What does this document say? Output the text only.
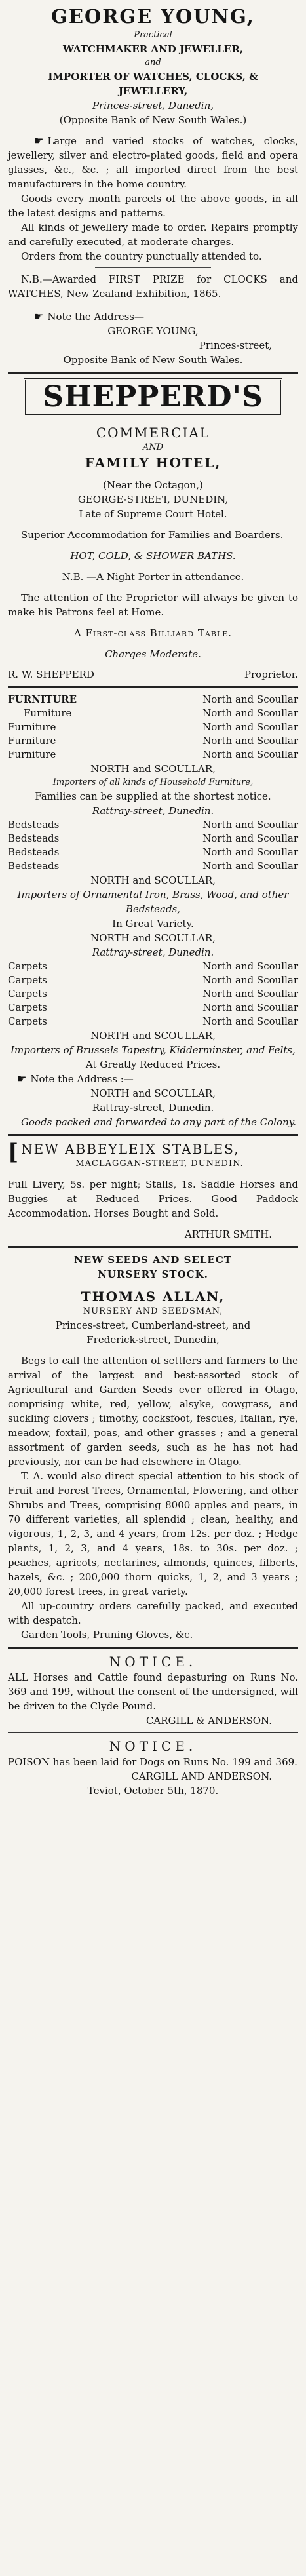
GEORGE YOUNG,

Practical

WATCHMAKER AND JEWELLER,

and

IMPORTER OF WATCHES, CLOCKS, &

JEWELLERY,

Princes-street, Dunedin,

(Opposite Bank of New South Wales.)

☛ Large and varied stocks of watches, clocks, jewellery, silver and electro-plated goods, field and opera glasses, &c., &c. ; all imported direct from the best manufacturers in the home country.

Goods every month parcels of the above goods, in all the latest designs and patterns.

All kinds of jewellery made to order. Repairs promptly and carefully executed, at moderate charges.

Orders from the country punctually attended to.

N.B.—Awarded FIRST PRIZE for CLOCKS and WATCHES, New Zealand Exhibition, 1865.

☛ Note the Address—

GEORGE YOUNG,

Princes-street,

Opposite Bank of New South Wales.

SHEPPERD'S

COMMERCIAL

AND

FAMILY HOTEL,

(Near the Octagon,)

GEORGE-STREET, DUNEDIN,

Late of Supreme Court Hotel.

Superior Accommodation for Families and Boarders.

HOT, COLD, & SHOWER BATHS.

N.B. —A Night Porter in attendance.

The attention of the Proprietor will always be given to make his Patrons feel at Home.

A First-class Billiard Table.

Charges Moderate.

R. W. SHEPPERD	Proprietor.
FURNITURE	North and Scoullar
Furniture	North and Scoullar
Furniture	North and Scoullar
Furniture	North and Scoullar
Furniture	North and Scoullar

NORTH and SCOULLAR,

Importers of all kinds of Household Furniture,

Families can be supplied at the shortest notice.

Rattray-street, Dunedin.

Bedsteads	North and Scoullar
Bedsteads	North and Scoullar
Bedsteads	North and Scoullar
Bedsteads	North and Scoullar

NORTH and SCOULLAR,

Importers of Ornamental Iron, Brass, Wood, and other Bedsteads,

In Great Variety.

NORTH and SCOULLAR,

Rattray-street, Dunedin.

Carpets	North and Scoullar
Carpets	North and Scoullar
Carpets	North and Scoullar
Carpets	North and Scoullar
Carpets	North and Scoullar

NORTH and SCOULLAR,

Importers of Brussels Tapestry, Kidderminster, and Felts,

At Greatly Reduced Prices.

☛ Note the Address :—

NORTH and SCOULLAR,

Rattray-street, Dunedin.

Goods packed and forwarded to any part of the Colony.

[ NEW ABBEYLEIX STABLES,

MACLAGGAN-STREET, DUNEDIN.

Full Livery, 5s. per night; Stalls, 1s. Saddle Horses and Buggies at Reduced Prices. Good Paddock Accommodation. Horses Bought and Sold.

ARTHUR SMITH.

NEW SEEDS AND SELECT

NURSERY STOCK.

THOMAS ALLAN,

NURSERY AND SEEDSMAN,

Princes-street, Cumberland-street, and

Frederick-street, Dunedin,

Begs to call the attention of settlers and farmers to the arrival of the largest and best-assorted stock of Agricultural and Garden Seeds ever offered in Otago, comprising white, red, yellow, alsyke, cowgrass, and suckling clovers ; timothy, cocksfoot, fescues, Italian, rye, meadow, foxtail, poas, and other grasses ; and a general assortment of garden seeds, such as he has not had previously, nor can be had elsewhere in Otago.

T. A. would also direct special attention to his stock of Fruit and Forest Trees, Ornamental, Flowering, and other Shrubs and Trees, comprising 8000 apples and pears, in 70 different varieties, all splendid ; clean, healthy, and vigorous, 1, 2, 3, and 4 years, from 12s. per doz. ; Hedge plants, 1, 2, 3, and 4 years, 18s. to 30s. per doz. ; peaches, apricots, nectarines, almonds, quinces, filberts, hazels, &c. ; 200,000 thorn quicks, 1, 2, and 3 years ; 20,000 forest trees, in great variety.

All up-country orders carefully packed, and executed with despatch.

Garden Tools, Pruning Gloves, &c.

NOTICE.

ALL Horses and Cattle found depasturing on Runs No. 369 and 199, without the consent of the undersigned, will be driven to the Clyde Pound.

CARGILL & ANDERSON.

NOTICE.

POISON has been laid for Dogs on Runs No. 199 and 369.

CARGILL AND ANDERSON.

Teviot, October 5th, 1870.
